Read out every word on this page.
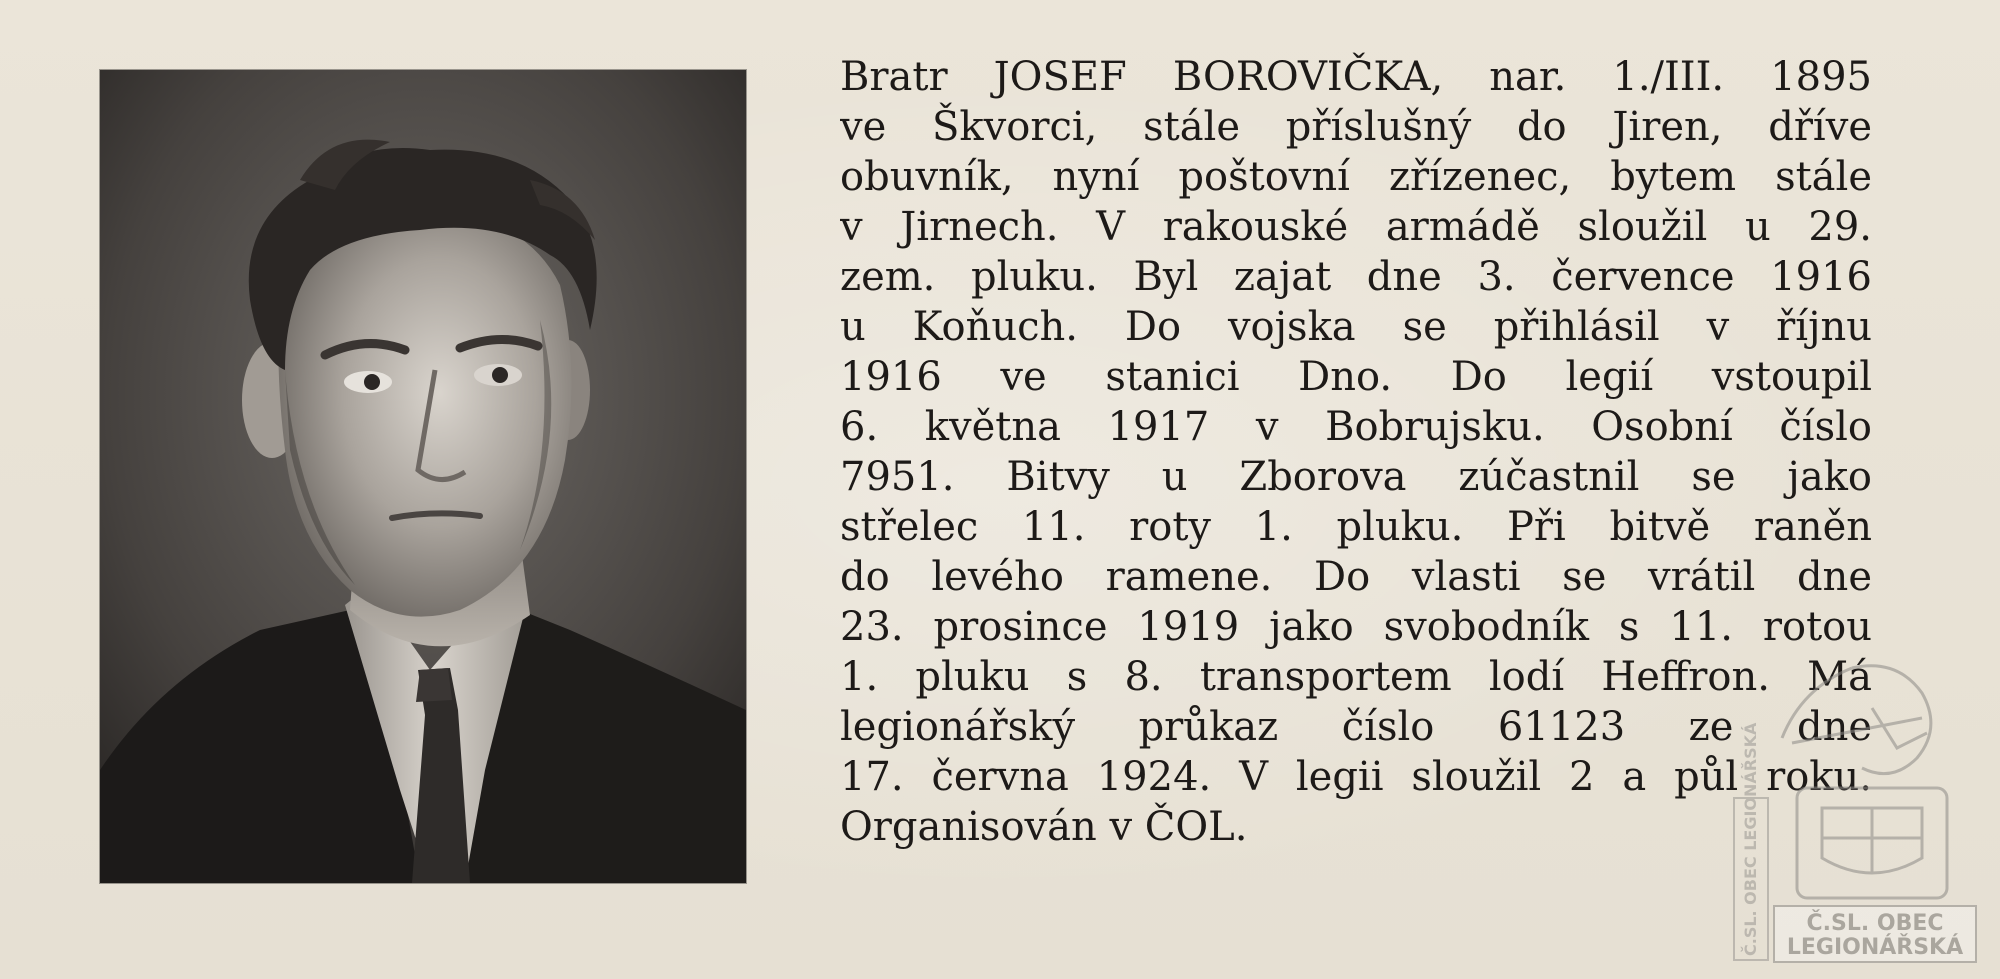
Bratr JOSEF BOROVIČKA, nar. 1./III. 1895
ve Škvorci, stále příslušný do Jiren, dříve
obuvník, nyní poštovní zřízenec, bytem stále
v Jirnech. V rakouské armádě sloužil u 29.
zem. pluku. Byl zajat dne 3. července 1916
u Koňuch. Do vojska se přihlásil v říjnu
1916 ve stanici Dno. Do legií vstoupil
6. května 1917 v Bobrujsku. Osobní číslo
7951. Bitvy u Zborova zúčastnil se jako
střelec 11. roty 1. pluku. Při bitvě raněn
do levého ramene. Do vlasti se vrátil dne
23. prosince 1919 jako svobodník s 11. rotou
1. pluku s 8. transportem lodí Heffron. Má
legionářský průkaz číslo 61123 ze dne
17. června 1924. V legii sloužil 2 a půl roku.
Organisován v ČOL.	Č.SL. OBEC LEGIONÁŘSKÁ Č.SL. OBEC
LEGIONÁŘSKÁ
